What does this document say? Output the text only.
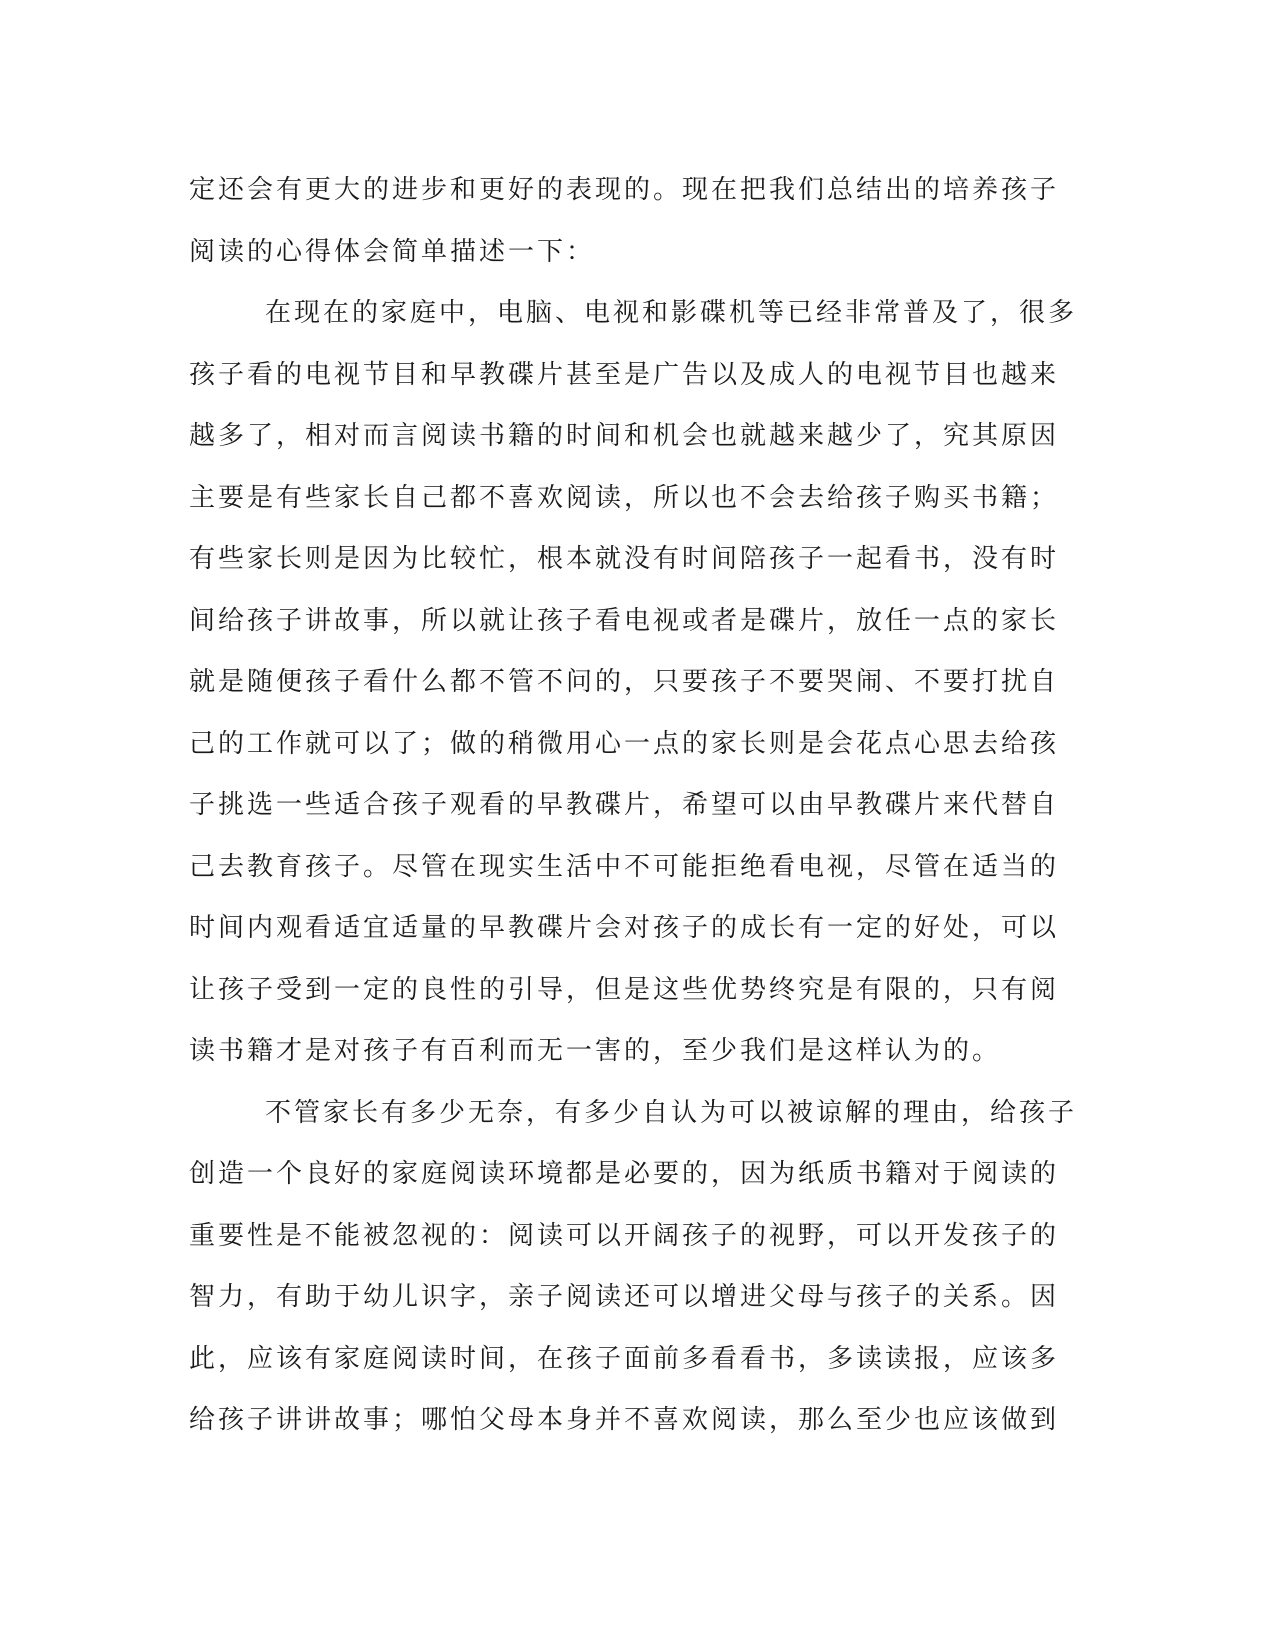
定还会有更大的进步和更好的表现的。现在把我们总结出的培养孩子
阅读的心得体会简单描述一下：
在现在的家庭中，电脑、电视和影碟机等已经非常普及了，很多
孩子看的电视节目和早教碟片甚至是广告以及成人的电视节目也越来
越多了，相对而言阅读书籍的时间和机会也就越来越少了，究其原因
主要是有些家长自己都不喜欢阅读，所以也不会去给孩子购买书籍；
有些家长则是因为比较忙，根本就没有时间陪孩子一起看书，没有时
间给孩子讲故事，所以就让孩子看电视或者是碟片，放任一点的家长
就是随便孩子看什么都不管不问的，只要孩子不要哭闹、不要打扰自
己的工作就可以了；做的稍微用心一点的家长则是会花点心思去给孩
子挑选一些适合孩子观看的早教碟片，希望可以由早教碟片来代替自
己去教育孩子。尽管在现实生活中不可能拒绝看电视，尽管在适当的
时间内观看适宜适量的早教碟片会对孩子的成长有一定的好处，可以
让孩子受到一定的良性的引导，但是这些优势终究是有限的，只有阅
读书籍才是对孩子有百利而无一害的，至少我们是这样认为的。
不管家长有多少无奈，有多少自认为可以被谅解的理由，给孩子
创造一个良好的家庭阅读环境都是必要的，因为纸质书籍对于阅读的
重要性是不能被忽视的：阅读可以开阔孩子的视野，可以开发孩子的
智力，有助于幼儿识字，亲子阅读还可以增进父母与孩子的关系。因
此，应该有家庭阅读时间，在孩子面前多看看书，多读读报，应该多
给孩子讲讲故事；哪怕父母本身并不喜欢阅读，那么至少也应该做到
